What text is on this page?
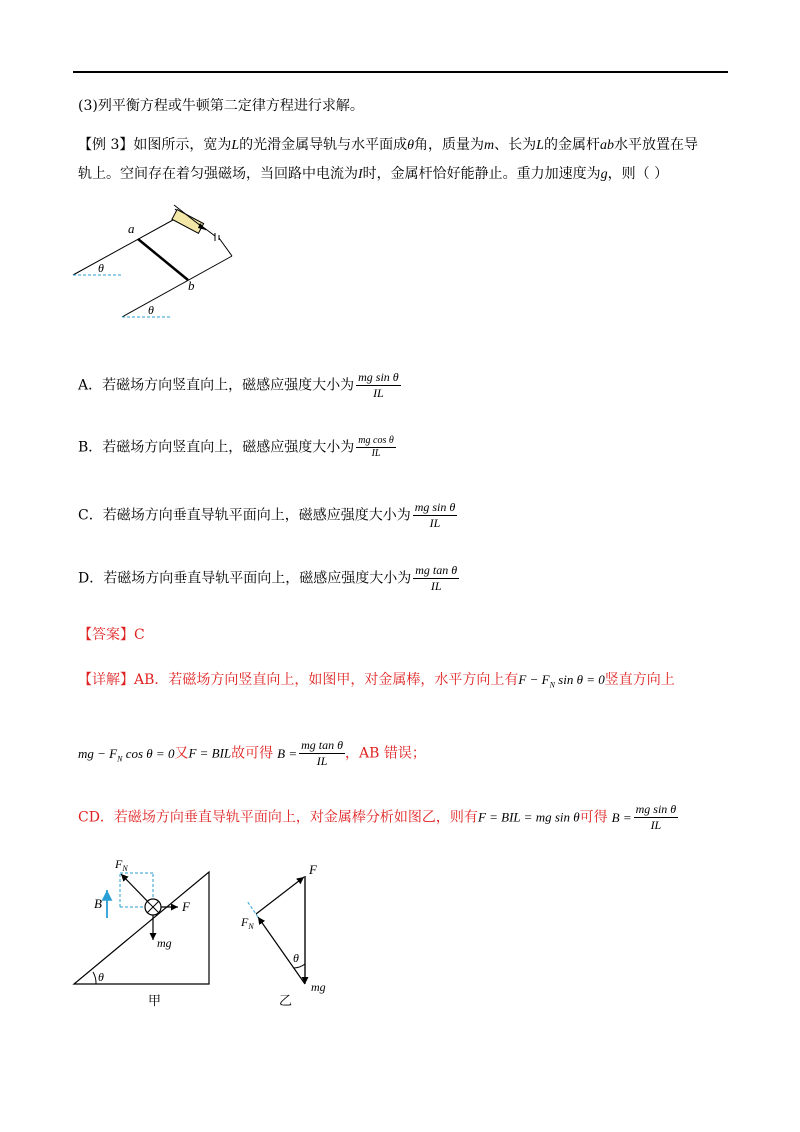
(3)列平衡方程或牛顿第二定律方程进行求解。
【例 3】如图所示，宽为L的光滑金属导轨与水平面成θ角，质量为m、长为L的金属杆ab水平放置在导
轨上。空间存在着匀强磁场，当回路中电流为I时，金属杆恰好能静止。重力加速度为g，则（ ）
a
b
θ
θ
A．若磁场方向竖直向上，磁感应强度大小为 $\frac{\text{mg sin θ}}{IL}$
B．若磁场方向竖直向上，磁感应强度大小为 $\frac{\text{mg cos θ}}{IL}$
C．若磁场方向垂直导轨平面向上，磁感应强度大小为 $\frac{\text{mg sin θ}}{IL}$
D．若磁场方向垂直导轨平面向上，磁感应强度大小为 $\frac{\text{mg tan θ}}{IL}$
【答案】C
【详解】AB．若磁场方向竖直向上，如图甲，对金属棒，水平方向上有$F - F_N$ sin θ = 0竖直方向上
mg − $F_N$ cos θ = 0又F = BIL故可得 $B = \frac{\text{mg tan θ}}{IL}$ ，AB 错误；
CD．若磁场方向垂直导轨平面向上，对金属棒分析如图乙，则有F = BIL = mg sin θ可得 $B = \frac{\text{mg sin θ}}{IL}$
θ
$F_N$
B	F
mg
甲
F
$F_N$
θ
mg
乙
